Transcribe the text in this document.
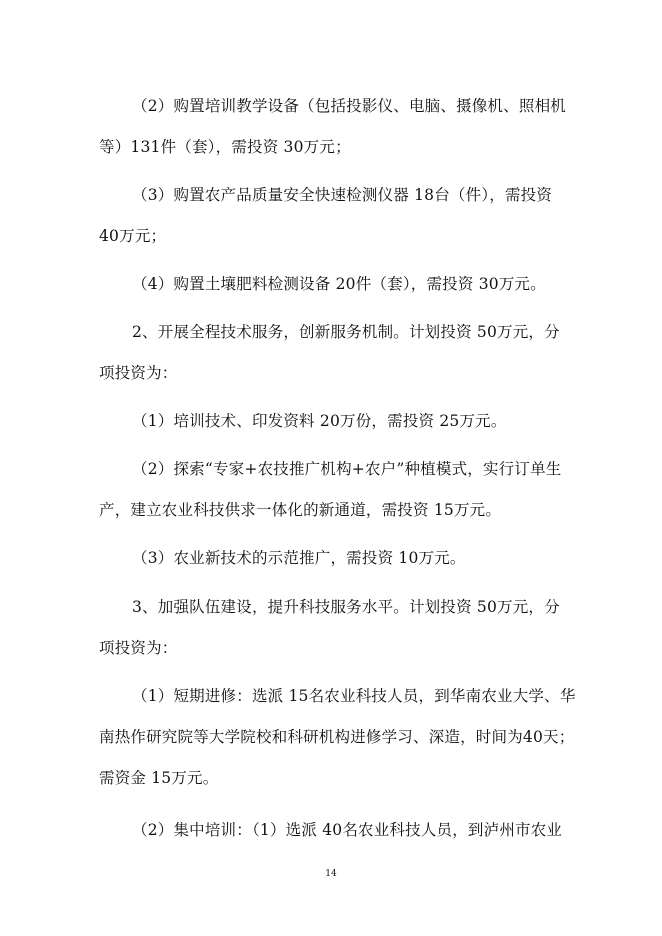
（2）购置培训教学设备（包括投影仪、电脑、摄像机、照相机
等）131件（套），需投资 30万元；
（3）购置农产品质量安全快速检测仪器 18台（件），需投资
40万元；
（4）购置土壤肥料检测设备 20件（套），需投资 30万元。
2、开展全程技术服务，创新服务机制。计划投资 50万元，分
项投资为：
（1）培训技术、印发资料 20万份，需投资 25万元。
（2）探索“专家+农技推广机构+农户”种植模式，实行订单生
产，建立农业科技供求一体化的新通道，需投资 15万元。
（3）农业新技术的示范推广，需投资 10万元。
3、加强队伍建设，提升科技服务水平。计划投资 50万元，分
项投资为：
（1）短期进修：选派 15名农业科技人员，到华南农业大学、华
南热作研究院等大学院校和科研机构进修学习、深造，时间为40天；
需资金 15万元。
（2）集中培训：（1）选派 40名农业科技人员，到泸州市农业
14
